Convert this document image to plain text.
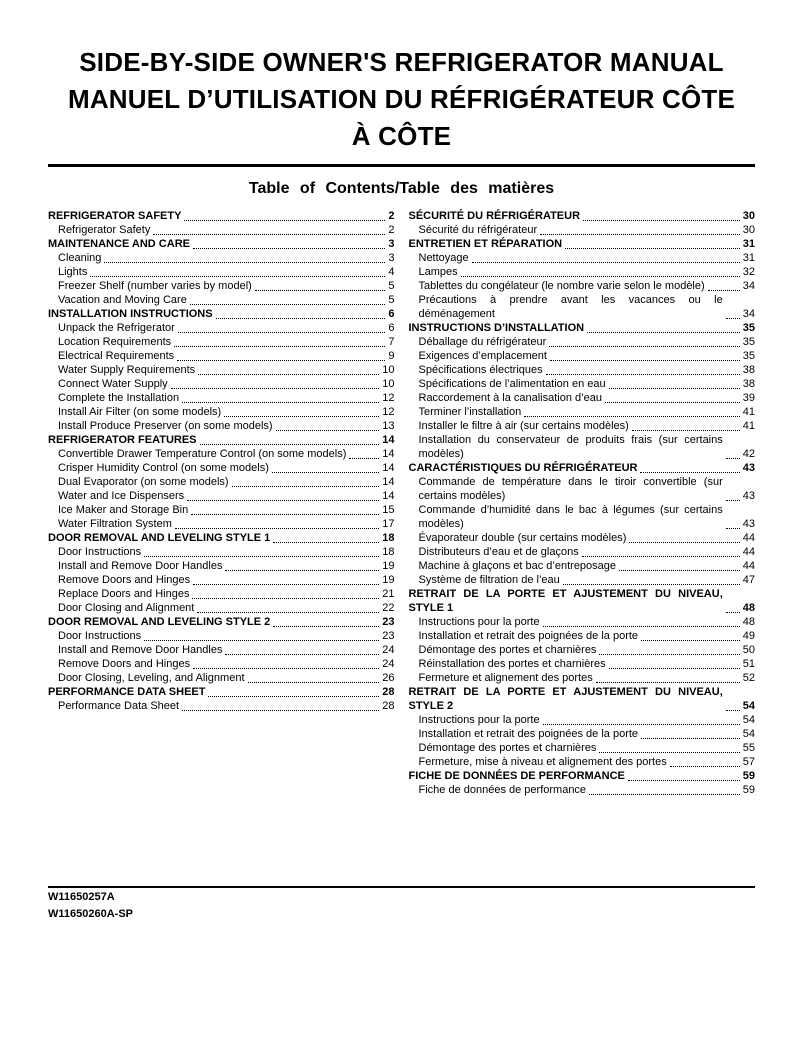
SIDE-BY-SIDE OWNER'S REFRIGERATOR MANUAL
MANUEL D’UTILISATION DU RÉFRIGÉRATEUR CÔTE
À CÔTE
Table of Contents/Table des matières
REFRIGERATOR SAFETY	2
Refrigerator Safety	2
MAINTENANCE AND CARE	3
Cleaning	3
Lights	4
Freezer Shelf (number varies by model)	5
Vacation and Moving Care	5
INSTALLATION INSTRUCTIONS	6
Unpack the Refrigerator	6
Location Requirements	7
Electrical Requirements	9
Water Supply Requirements	10
Connect Water Supply	10
Complete the Installation	12
Install Air Filter (on some models)	12
Install Produce Preserver (on some models)	13
REFRIGERATOR FEATURES	14
Convertible Drawer Temperature Control (on some models)	14
Crisper Humidity Control (on some models)	14
Dual Evaporator (on some models)	14
Water and Ice Dispensers	14
Ice Maker and Storage Bin	15
Water Filtration System	17
DOOR REMOVAL AND LEVELING STYLE 1	18
Door Instructions	18
Install and Remove Door Handles	19
Remove Doors and Hinges	19
Replace Doors and Hinges	21
Door Closing and Alignment	22
DOOR REMOVAL AND LEVELING STYLE 2	23
Door Instructions	23
Install and Remove Door Handles	24
Remove Doors and Hinges	24
Door Closing, Leveling, and Alignment	26
PERFORMANCE DATA SHEET	28
Performance Data Sheet	28
SÉCURITÉ DU RÉFRIGÉRATEUR	30
Sécurité du réfrigérateur	30
ENTRETIEN ET RÉPARATION	31
Nettoyage	31
Lampes	32
Tablettes du congélateur (le nombre varie selon le modèle)	34
Précautions à prendre avant les vacances ou le déménagement	34
INSTRUCTIONS D’INSTALLATION	35
Déballage du réfrigérateur	35
Exigences d’emplacement	35
Spécifications électriques	38
Spécifications de l’alimentation en eau	38
Raccordement à la canalisation d’eau	39
Terminer l’installation	41
Installer le filtre à air (sur certains modèles)	41
Installation du conservateur de produits frais (sur certains modèles)	42
CARACTÉRISTIQUES DU RÉFRIGÉRATEUR	43
Commande de température dans le tiroir convertible (sur certains modèles)	43
Commande d’humidité dans le bac à légumes (sur certains modèles)	43
Évaporateur double (sur certains modèles)	44
Distributeurs d’eau et de glaçons	44
Machine à glaçons et bac d’entreposage	44
Système de filtration de l’eau	47
RETRAIT DE LA PORTE ET AJUSTEMENT DU NIVEAU, STYLE 1	48
Instructions pour la porte	48
Installation et retrait des poignées de la porte	49
Démontage des portes et charnières	50
Réinstallation des portes et charnières	51
Fermeture et alignement des portes	52
RETRAIT DE LA PORTE ET AJUSTEMENT DU NIVEAU, STYLE 2	54
Instructions pour la porte	54
Installation et retrait des poignées de la porte	54
Démontage des portes et charnières	55
Fermeture, mise à niveau et alignement des portes	57
FICHE DE DONNÉES DE PERFORMANCE	59
Fiche de données de performance	59
W11650257A
W11650260A-SP
